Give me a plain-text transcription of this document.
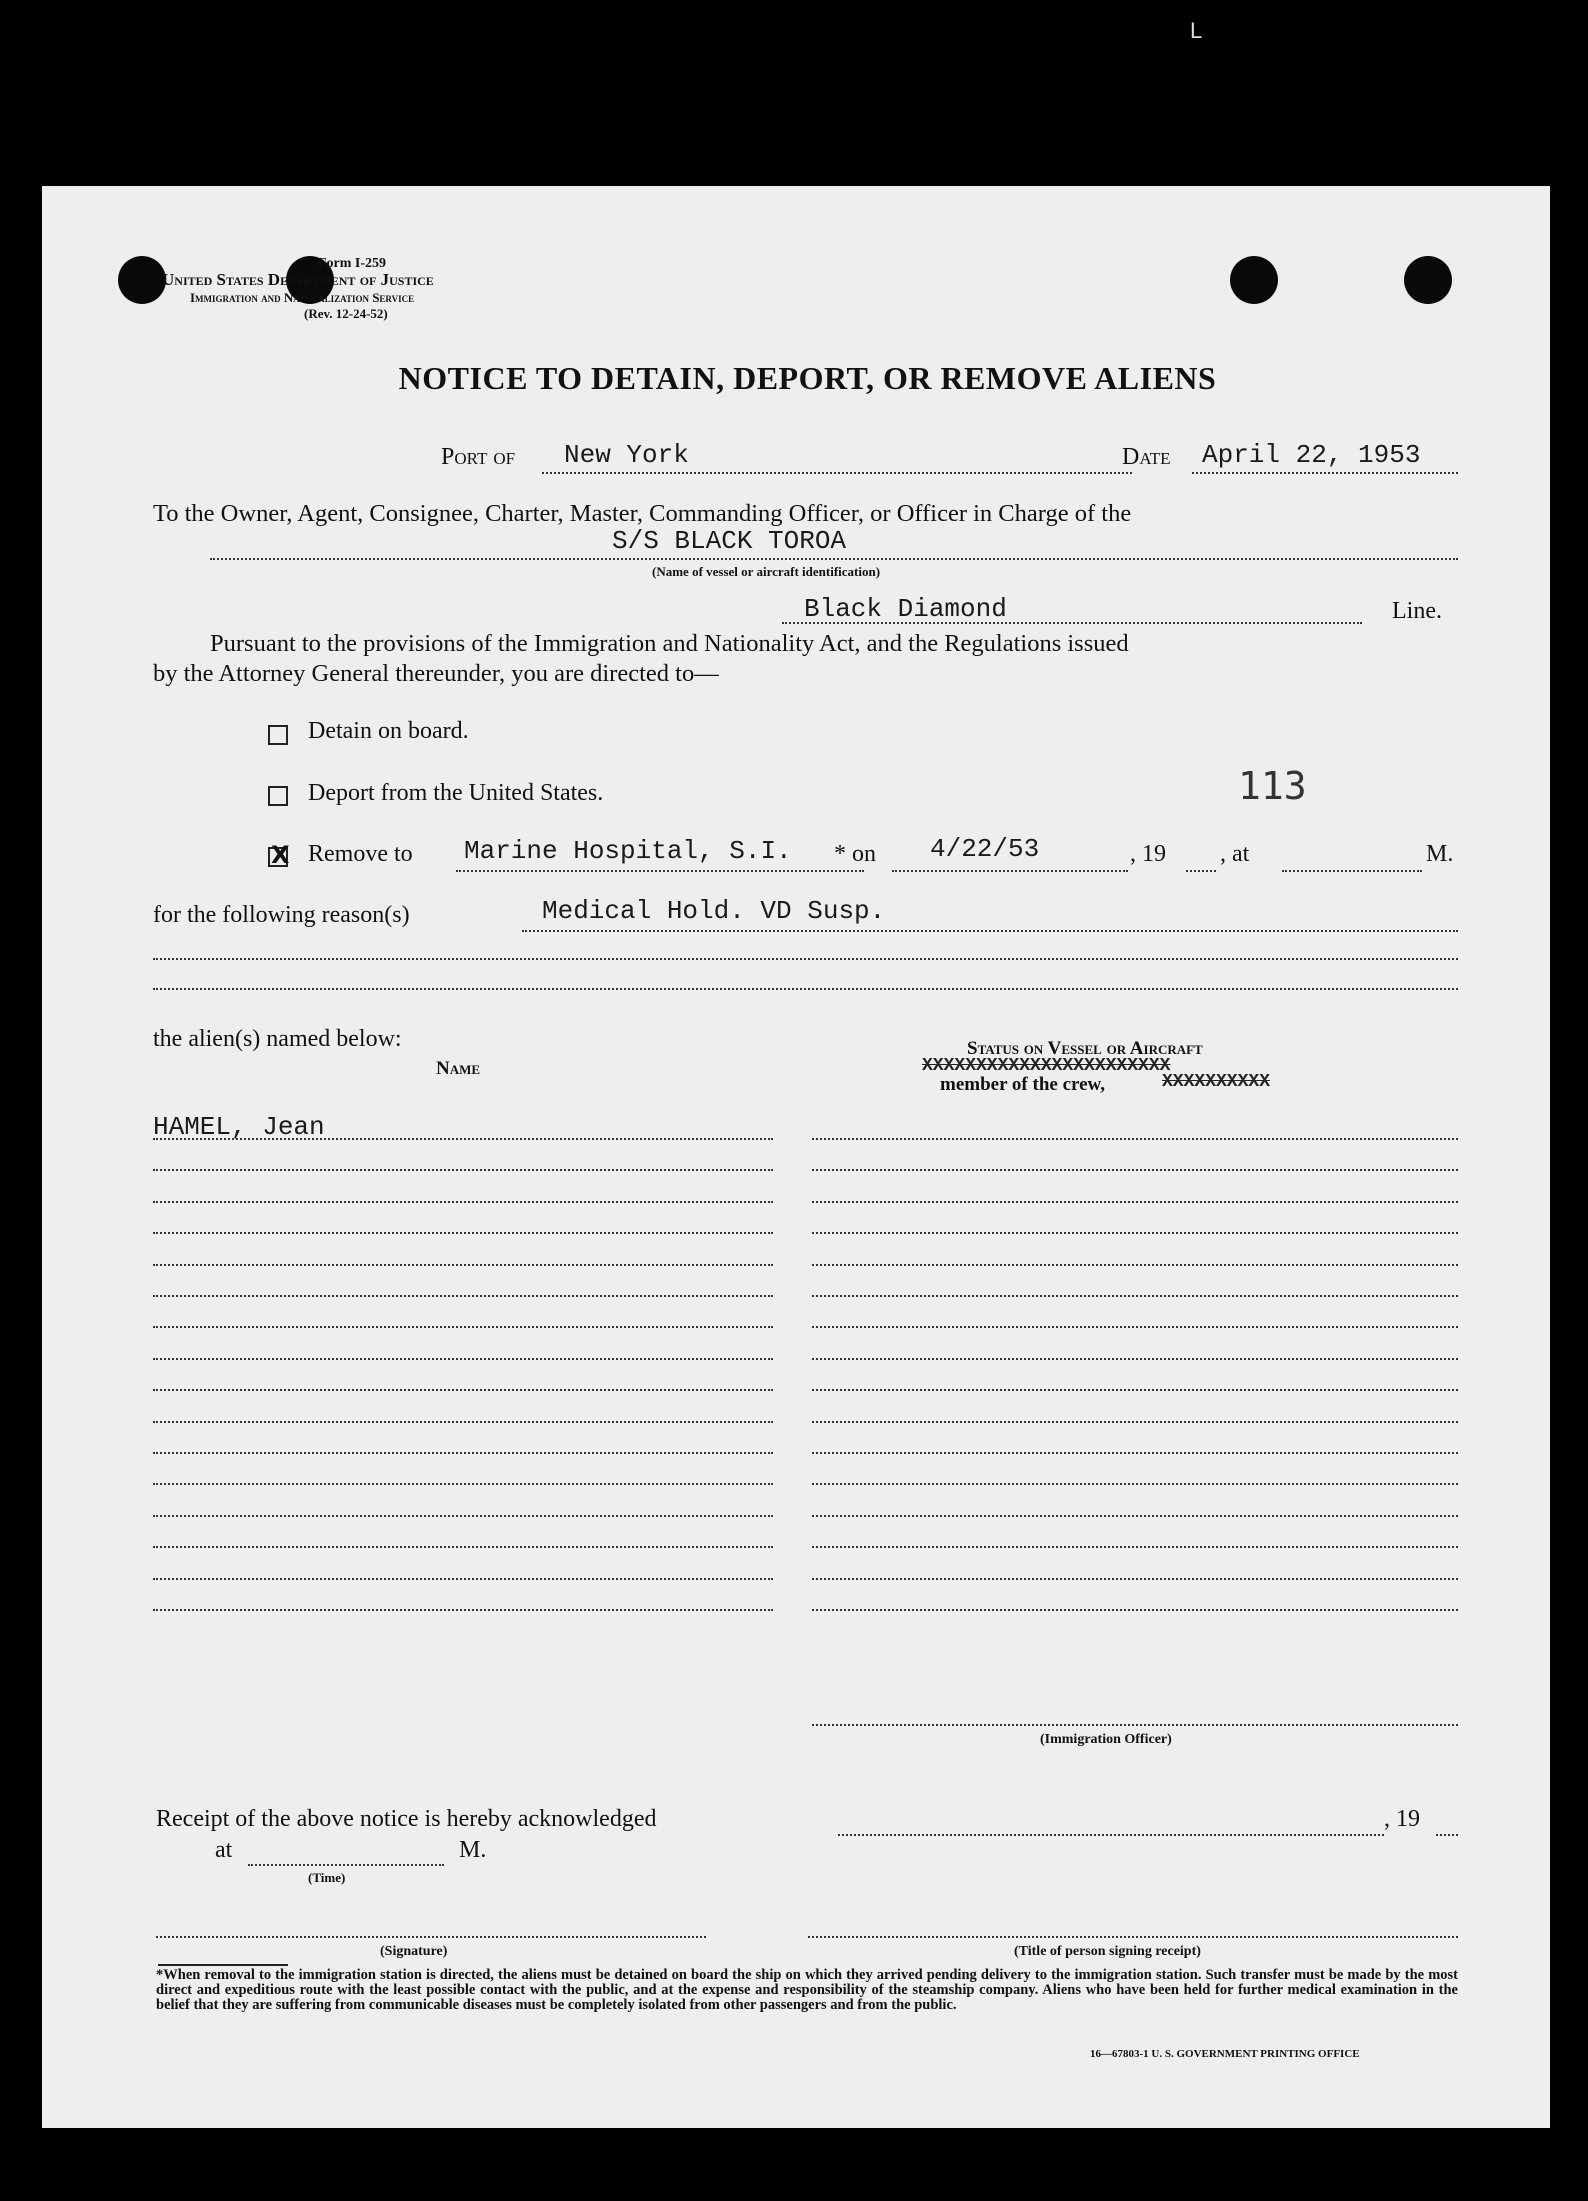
L
Form I-259
United States Department of Justice
Immigration and Naturalization Service
(Rev. 12-24-52)
NOTICE TO DETAIN, DEPORT, OR REMOVE ALIENS
Port of New York	Date April 22, 1953
To the Owner, Agent, Consignee, Charter, Master, Commanding Officer, or Officer in Charge of the
S/S BLACK TOROA
(Name of vessel or aircraft identification)
Black Diamond	Line.
Pursuant to the provisions of the Immigration and Nationality Act, and the Regulations issued
by the Attorney General thereunder, you are directed to—
Detain on board.
Deport from the United States.	113
X Remove to Marine Hospital, S.I. * on 4/22/53	, 19 , at	M.
for the following reason(s)	Medical Hold. VD Susp.
the alien(s) named below:	Status on Vessel or Aircraft
XXXXXXXXXXXXXXXXXXXXXXX
member of the crew,	XXXXXXXXXX
Name
HAMEL, Jean
(Immigration Officer)
Receipt of the above notice is hereby acknowledged	, 19
at	M.
(Time)
(Signature)	(Title of person signing receipt)
*When removal to the immigration station is directed, the aliens must be detained on board the ship on which they arrived pending delivery to the immigration station. Such transfer must be made by the most direct and expeditious route with the least possible contact with the public, and at the expense and responsibility of the steamship company. Aliens who have been held for further medical examination in the belief that they are suffering from communicable diseases must be completely isolated from other passengers and from the public.
16—67803-1 U. S. GOVERNMENT PRINTING OFFICE
